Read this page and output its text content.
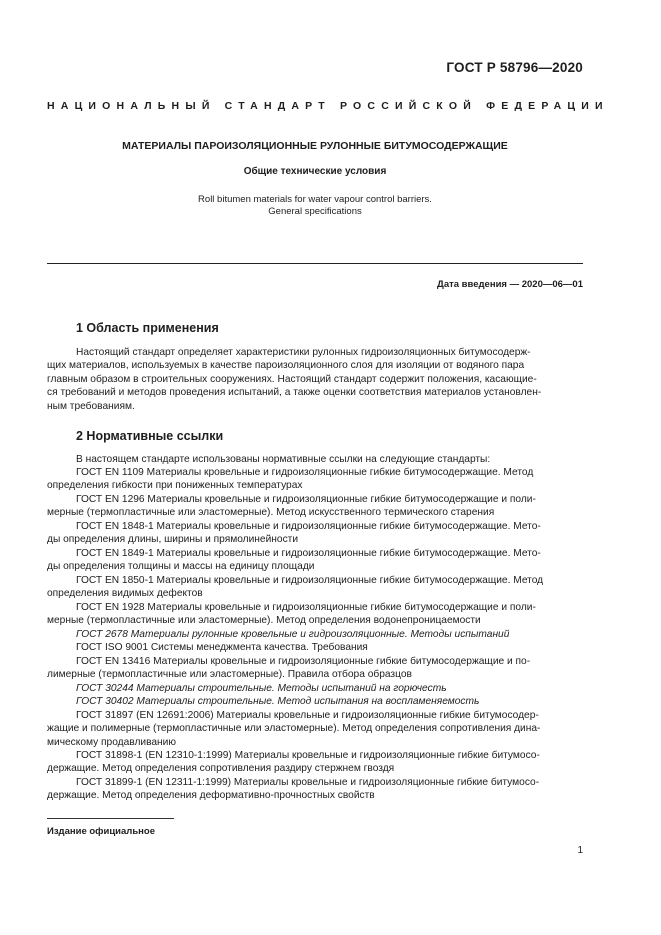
ГОСТ Р 58796—2020
НАЦИОНАЛЬНЫЙ СТАНДАРТ РОССИЙСКОЙ ФЕДЕРАЦИИ
МАТЕРИАЛЫ ПАРОИЗОЛЯЦИОННЫЕ РУЛОННЫЕ БИТУМОСОДЕРЖАЩИЕ
Общие технические условия
Roll bitumen materials for water vapour control barriers.
General specifications
Дата введения — 2020—06—01
1 Область применения
Настоящий стандарт определяет характеристики рулонных гидроизоляционных битумосодерж-
щих материалов, используемых в качестве пароизоляционного слоя для изоляции от водяного пара
главным образом в строительных сооружениях. Настоящий стандарт содержит положения, касающие-
ся требований и методов проведения испытаний, а также оценки соответствия материалов установлен-
ным требованиям.
2 Нормативные ссылки
В настоящем стандарте использованы нормативные ссылки на следующие стандарты:
ГОСТ EN 1109 Материалы кровельные и гидроизоляционные гибкие битумосодержащие. Метод
определения гибкости при пониженных температурах
ГОСТ EN 1296 Материалы кровельные и гидроизоляционные гибкие битумосодержащие и поли-
мерные (термопластичные или эластомерные). Метод искусственного термического старения
ГОСТ EN 1848-1 Материалы кровельные и гидроизоляционные гибкие битумосодержащие. Мето-
ды определения длины, ширины и прямолинейности
ГОСТ EN 1849-1 Материалы кровельные и гидроизоляционные гибкие битумосодержащие. Мето-
ды определения толщины и массы на единицу площади
ГОСТ EN 1850-1 Материалы кровельные и гидроизоляционные гибкие битумосодержащие. Метод
определения видимых дефектов
ГОСТ EN 1928 Материалы кровельные и гидроизоляционные гибкие битумосодержащие и поли-
мерные (термопластичные или эластомерные). Метод определения водонепроницаемости
ГОСТ 2678 Материалы рулонные кровельные и гидроизоляционные. Методы испытаний
ГОСТ ISO 9001 Системы менеджмента качества. Требования
ГОСТ EN 13416 Материалы кровельные и гидроизоляционные гибкие битумосодержащие и по-
лимерные (термопластичные или эластомерные). Правила отбора образцов
ГОСТ 30244 Материалы строительные. Методы испытаний на горючесть
ГОСТ 30402 Материалы строительные. Метод испытания на воспламеняемость
ГОСТ 31897 (EN 12691:2006) Материалы кровельные и гидроизоляционные гибкие битумосодер-
жащие и полимерные (термопластичные или эластомерные). Метод определения сопротивления дина-
мическому продавливанию
ГОСТ 31898-1 (EN 12310-1:1999) Материалы кровельные и гидроизоляционные гибкие битумосо-
держащие. Метод определения сопротивления раздиру стержнем гвоздя
ГОСТ 31899-1 (EN 12311-1:1999) Материалы кровельные и гидроизоляционные гибкие битумосо-
держащие. Метод определения деформативно-прочностных свойств
Издание официальное
1
